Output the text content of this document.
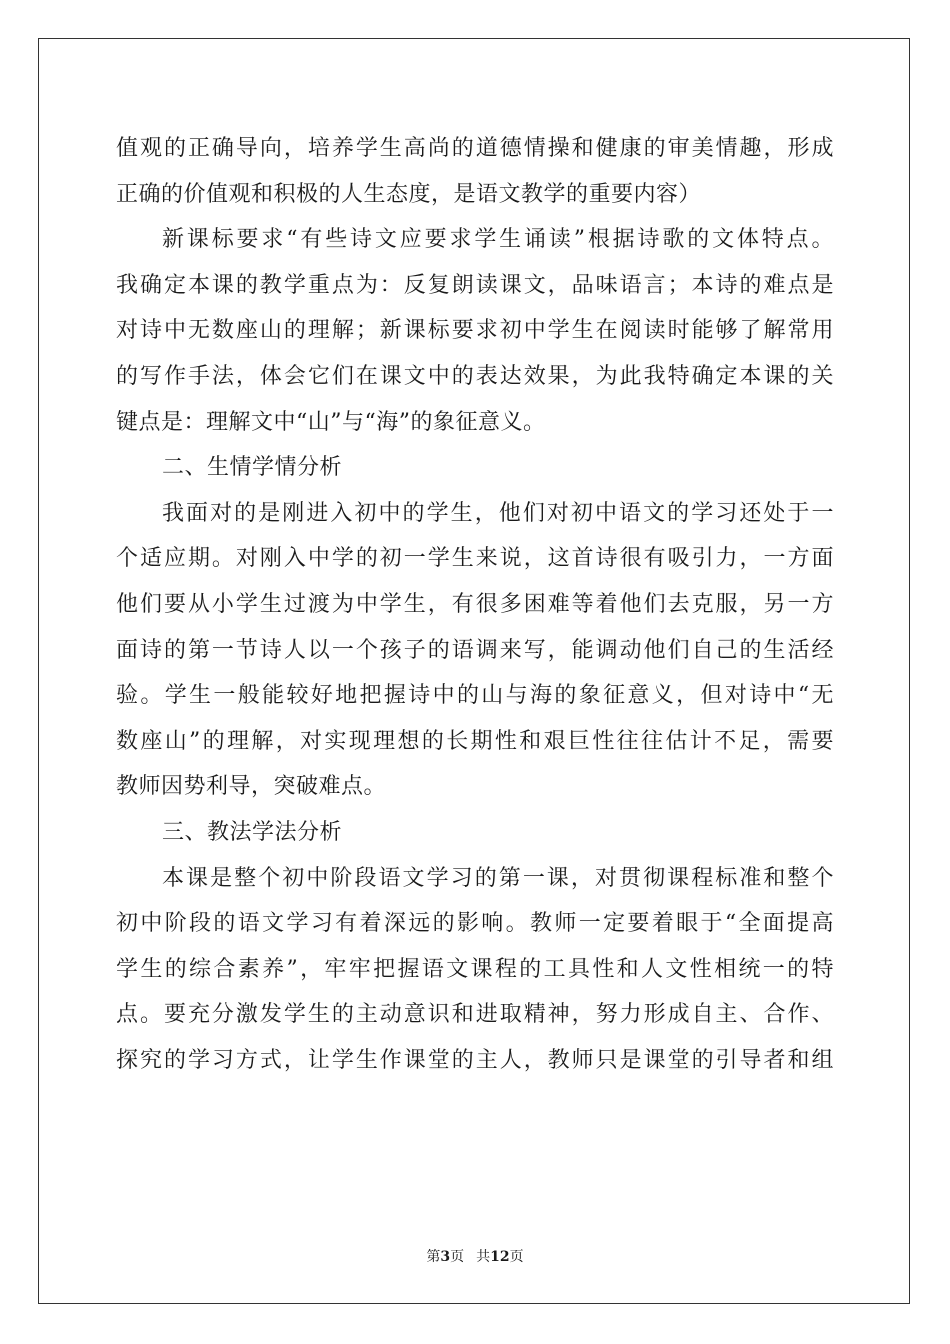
值观的正确导向，培养学生高尚的道德情操和健康的审美情趣，形成
正确的价值观和积极的人生态度，是语文教学的重要内容）
新课标要求“有些诗文应要求学生诵读”根据诗歌的文体特点。
我确定本课的教学重点为：反复朗读课文，品味语言；本诗的难点是
对诗中无数座山的理解；新课标要求初中学生在阅读时能够了解常用
的写作手法，体会它们在课文中的表达效果，为此我特确定本课的关
键点是：理解文中“山”与“海”的象征意义。
二、生情学情分析
我面对的是刚进入初中的学生，他们对初中语文的学习还处于一
个适应期。对刚入中学的初一学生来说，这首诗很有吸引力，一方面
他们要从小学生过渡为中学生，有很多困难等着他们去克服，另一方
面诗的第一节诗人以一个孩子的语调来写，能调动他们自己的生活经
验。学生一般能较好地把握诗中的山与海的象征意义，但对诗中“无
数座山”的理解，对实现理想的长期性和艰巨性往往估计不足，需要
教师因势利导，突破难点。
三、教法学法分析
本课是整个初中阶段语文学习的第一课，对贯彻课程标准和整个
初中阶段的语文学习有着深远的影响。教师一定要着眼于“全面提高
学生的综合素养”，牢牢把握语文课程的工具性和人文性相统一的特
点。要充分激发学生的主动意识和进取精神，努力形成自主、合作、
探究的学习方式，让学生作课堂的主人，教师只是课堂的引导者和组
第3页 共12页
